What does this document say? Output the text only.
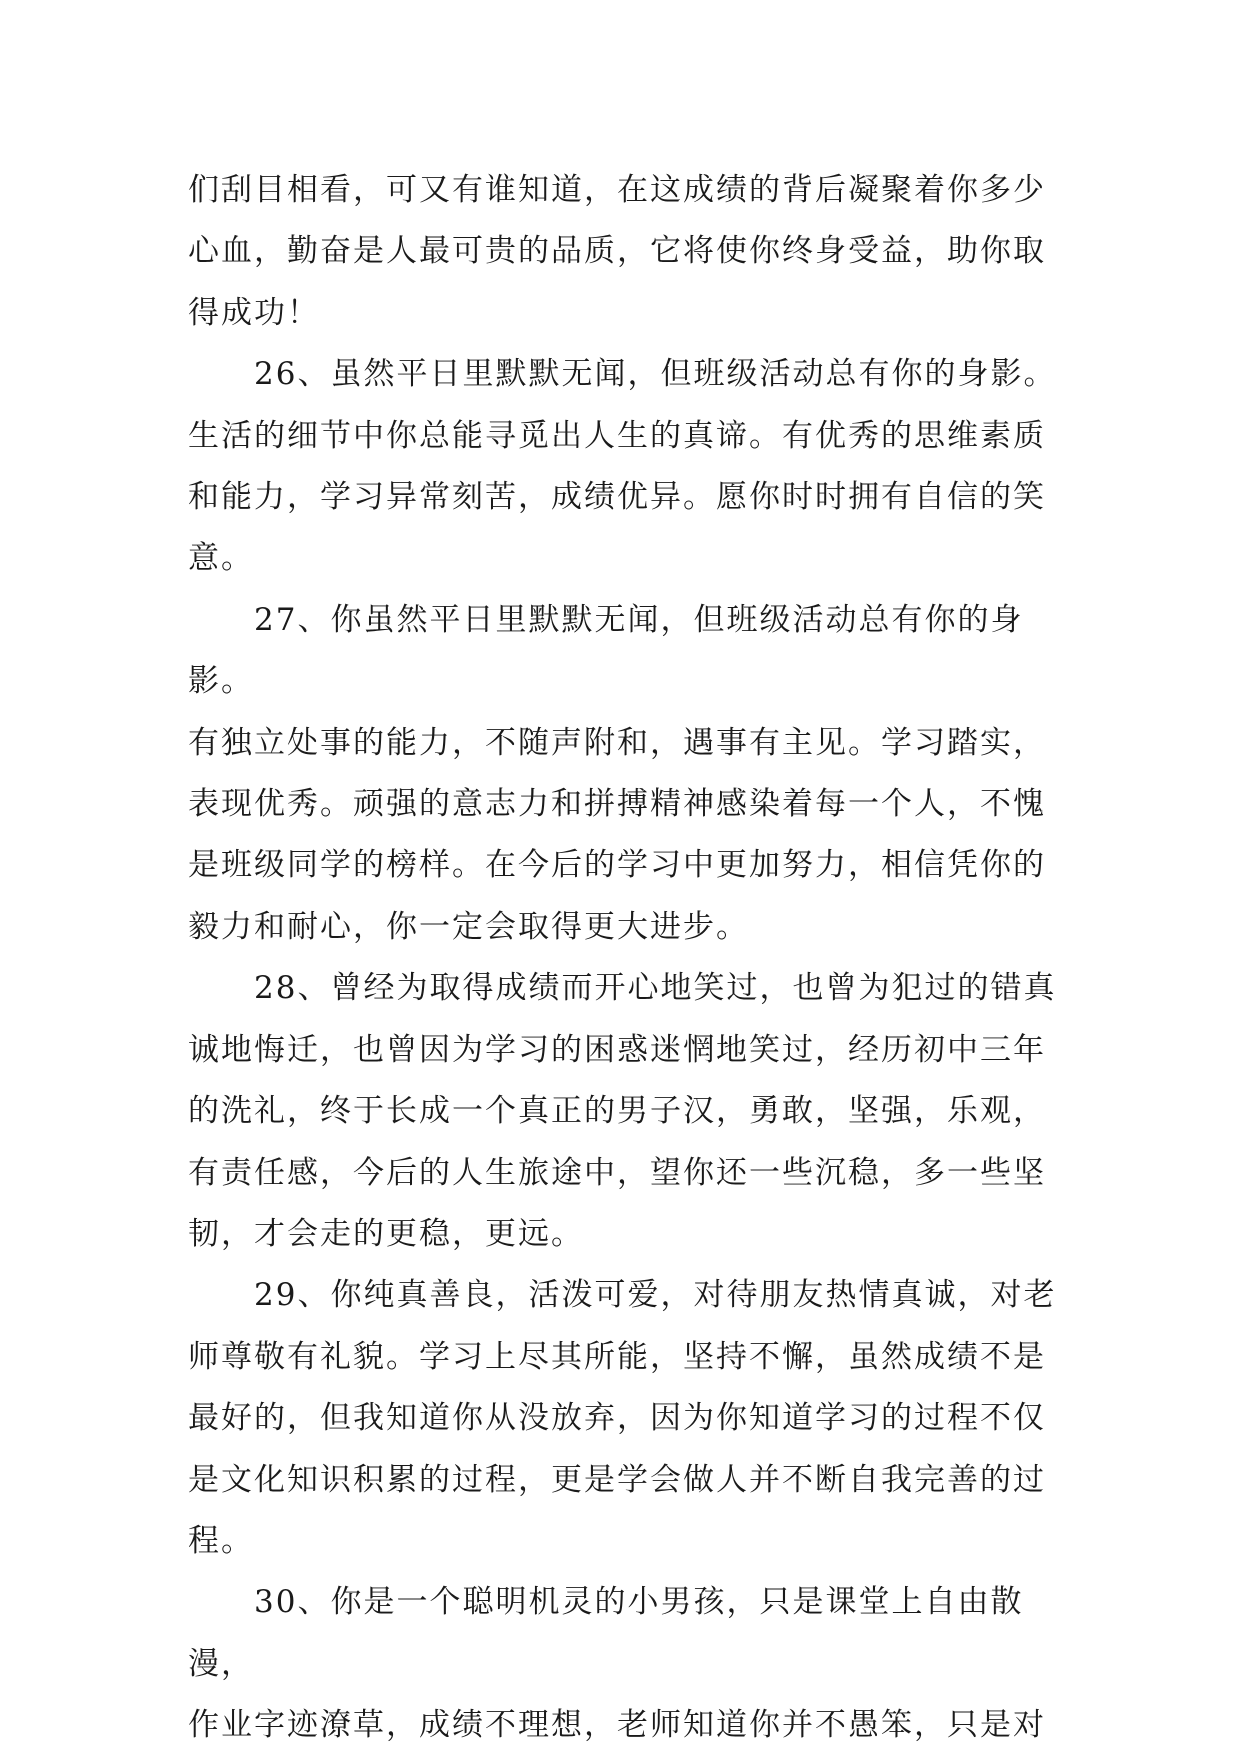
们刮目相看，可又有谁知道，在这成绩的背后凝聚着你多少
心血，勤奋是人最可贵的品质，它将使你终身受益，助你取
得成功！

26、虽然平日里默默无闻，但班级活动总有你的身影。
生活的细节中你总能寻觅出人生的真谛。有优秀的思维素质
和能力，学习异常刻苦，成绩优异。愿你时时拥有自信的笑
意。

27、你虽然平日里默默无闻，但班级活动总有你的身影。
有独立处事的能力，不随声附和，遇事有主见。学习踏实，
表现优秀。顽强的意志力和拼搏精神感染着每一个人，不愧
是班级同学的榜样。在今后的学习中更加努力，相信凭你的
毅力和耐心，你一定会取得更大进步。

28、曾经为取得成绩而开心地笑过，也曾为犯过的错真
诚地悔迁，也曾因为学习的困惑迷惘地笑过，经历初中三年
的洗礼，终于长成一个真正的男子汉，勇敢，坚强，乐观，
有责任感，今后的人生旅途中，望你还一些沉稳，多一些坚
韧，才会走的更稳，更远。

29、你纯真善良，活泼可爱，对待朋友热情真诚，对老
师尊敬有礼貌。学习上尽其所能，坚持不懈，虽然成绩不是
最好的，但我知道你从没放弃，因为你知道学习的过程不仅
是文化知识积累的过程，更是学会做人并不断自我完善的过
程。

30、你是一个聪明机灵的小男孩，只是课堂上自由散漫，
作业字迹潦草，成绩不理想，老师知道你并不愚笨，只是对
